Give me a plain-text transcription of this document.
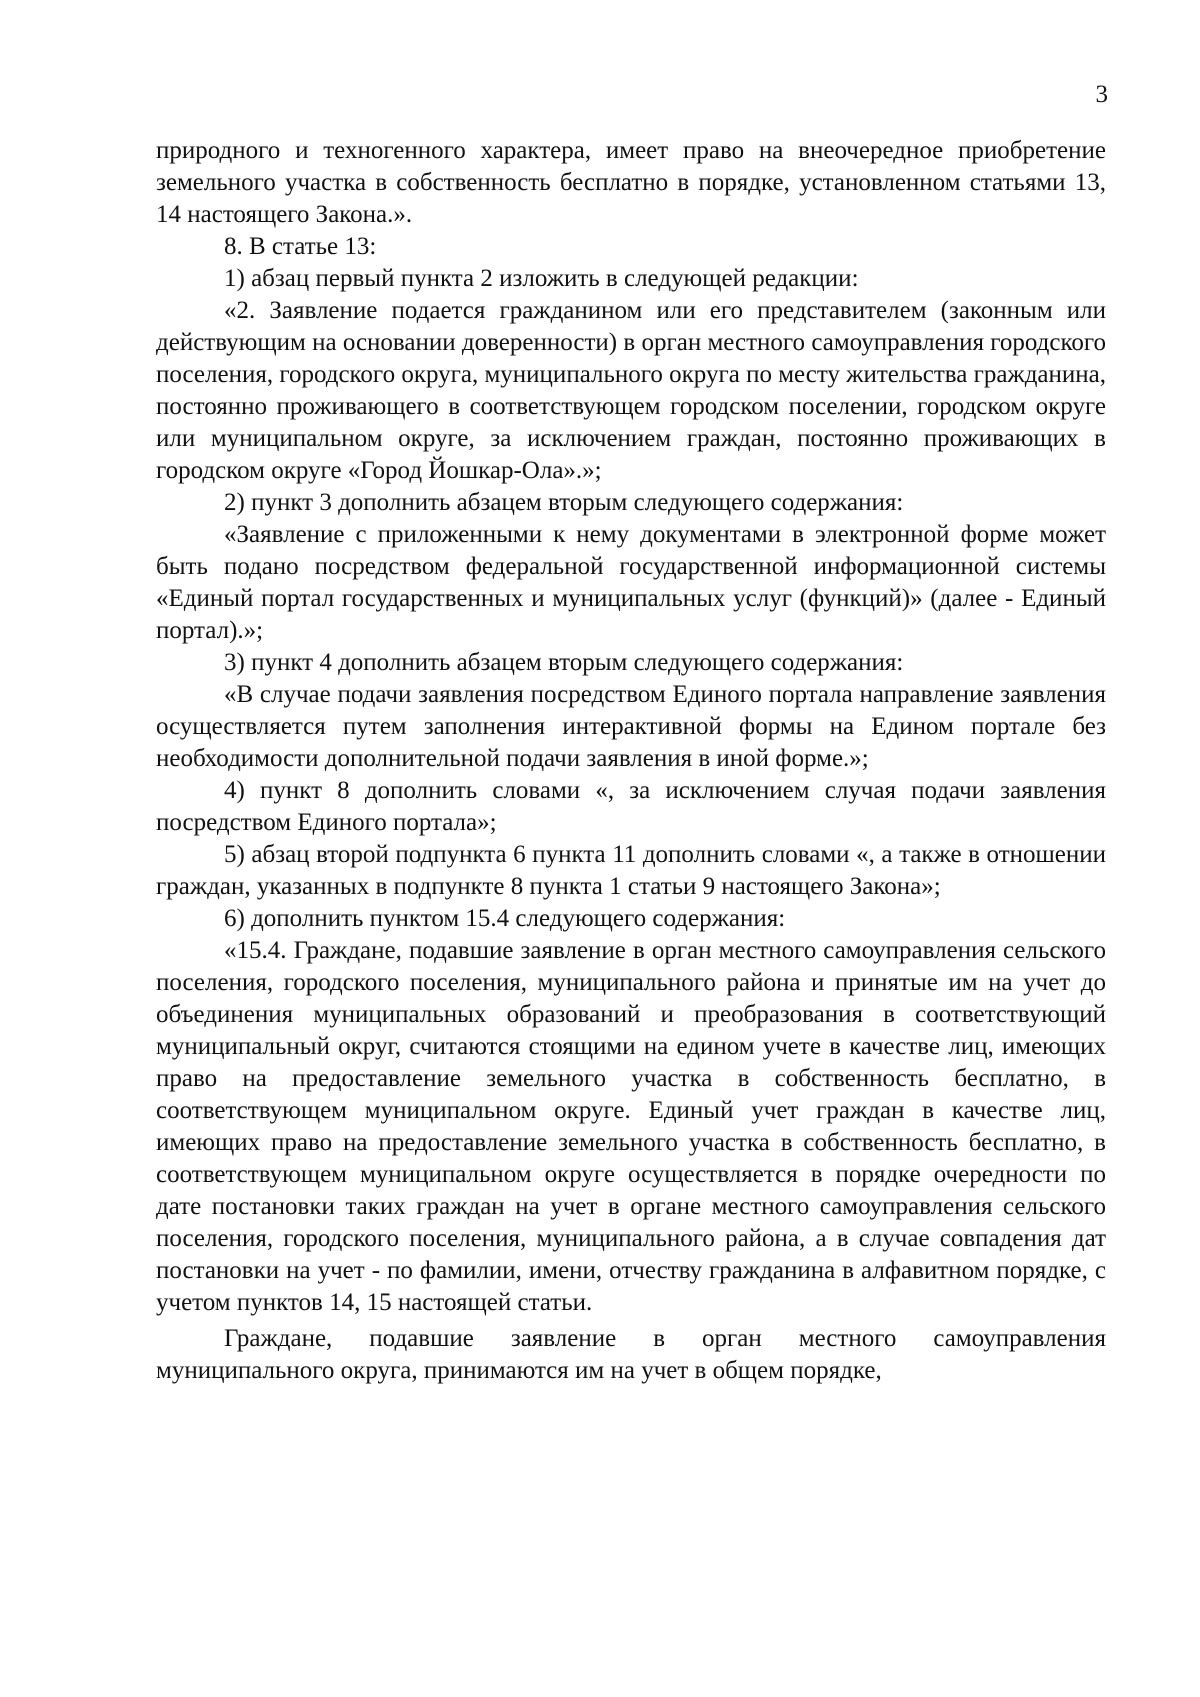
3

природного и техногенного характера, имеет право на внеочередное приобретение земельного участка в собственность бесплатно в порядке, установленном статьями 13, 14 настоящего Закона.».

8. В статье 13:

1) абзац первый пункта 2 изложить в следующей редакции:

«2. Заявление подается гражданином или его представителем (законным или действующим на основании доверенности) в орган местного самоуправления городского поселения, городского округа, муниципального округа по месту жительства гражданина, постоянно проживающего в соответствующем городском поселении, городском округе или муниципальном округе, за исключением граждан, постоянно проживающих в городском округе «Город Йошкар-Ола».»;

2) пункт 3 дополнить абзацем вторым следующего содержания:

«Заявление с приложенными к нему документами в электронной форме может быть подано посредством федеральной государственной информационной системы «Единый портал государственных и муниципальных услуг (функций)» (далее - Единый портал).»;

3) пункт 4 дополнить абзацем вторым следующего содержания:

«В случае подачи заявления посредством Единого портала направление заявления осуществляется путем заполнения интерактивной формы на Едином портале без необходимости дополнительной подачи заявления в иной форме.»;

4) пункт 8 дополнить словами «, за исключением случая подачи заявления посредством Единого портала»;

5) абзац второй подпункта 6 пункта 11 дополнить словами «, а также в отношении граждан, указанных в подпункте 8 пункта 1 статьи 9 настоящего Закона»;

6) дополнить пунктом 15.4 следующего содержания:

«15.4. Граждане, подавшие заявление в орган местного самоуправления сельского поселения, городского поселения, муниципального района и принятые им на учет до объединения муниципальных образований и преобразования в соответствующий муниципальный округ, считаются стоящими на едином учете в качестве лиц, имеющих право на предоставление земельного участка в собственность бесплатно, в соответствующем муниципальном округе. Единый учет граждан в качестве лиц, имеющих право на предоставление земельного участка в собственность бесплатно, в соответствующем муниципальном округе осуществляется в порядке очередности по дате постановки таких граждан на учет в органе местного самоуправления сельского поселения, городского поселения, муниципального района, а в случае совпадения дат постановки на учет - по фамилии, имени, отчеству гражданина в алфавитном порядке, с учетом пунктов 14, 15 настоящей статьи.

Граждане, подавшие заявление в орган местного самоуправления муниципального округа, принимаются им на учет в общем порядке,
